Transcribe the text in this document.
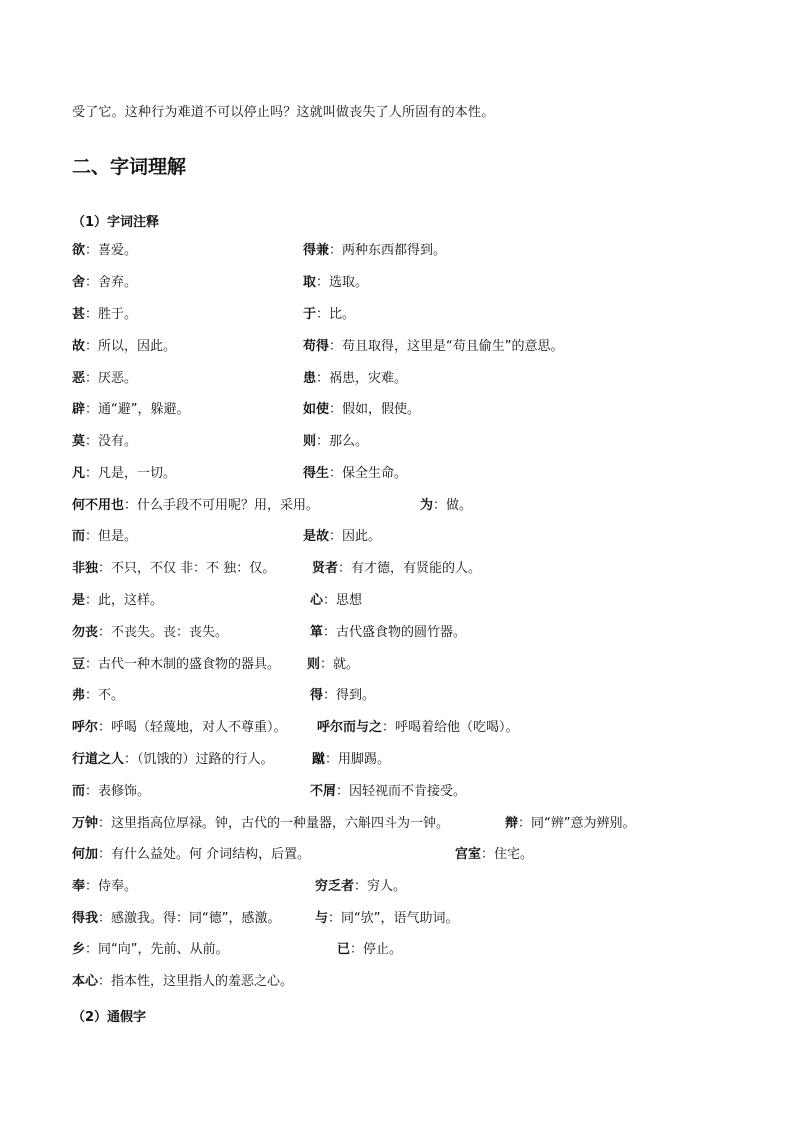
受了它。这种行为难道不可以停止吗？这就叫做丧失了人所固有的本性。
二、字词理解
（1）字词注释
欲：喜爱。	得兼：两种东西都得到。
舍：舍弃。	取：选取。
甚：胜于。	于：比。
故：所以，因此。	苟得：苟且取得，这里是“苟且偷生”的意思。
恶：厌恶。	患：祸患，灾难。
辟：通“避”，躲避。	如使：假如，假使。
莫：没有。	则：那么。
凡：凡是，一切。	得生：保全生命。
何不用也：什么手段不可用呢？用，采用。	为：做。
而：但是。	是故：因此。
非独：不只，不仅 非：不 独：仅。	贤者：有才德，有贤能的人。
是：此，这样。	心：思想
勿丧：不丧失。丧：丧失。	箪：古代盛食物的圆竹器。
豆：古代一种木制的盛食物的器具。 则：就。
弗：不。	得：得到。
呼尔：呼喝（轻蔑地，对人不尊重）。 呼尔而与之：呼喝着给他（吃喝）。
行道之人：（饥饿的）过路的行人。	蹴：用脚踢。
而：表修饰。	不屑：因轻视而不肯接受。
万钟：这里指高位厚禄。钟，古代的一种量器，六斛四斗为一钟。	辩：同“辨”意为辨别。
何加：有什么益处。何 介词结构，后置。	宫室：住宅。
奉：侍奉。	穷乏者：穷人。
得我：感激我。得：同“德”，感激。	与：同“欤”，语气助词。
乡：同“向”，先前、从前。	已：停止。
本心：指本性，这里指人的羞恶之心。
（2）通假字
